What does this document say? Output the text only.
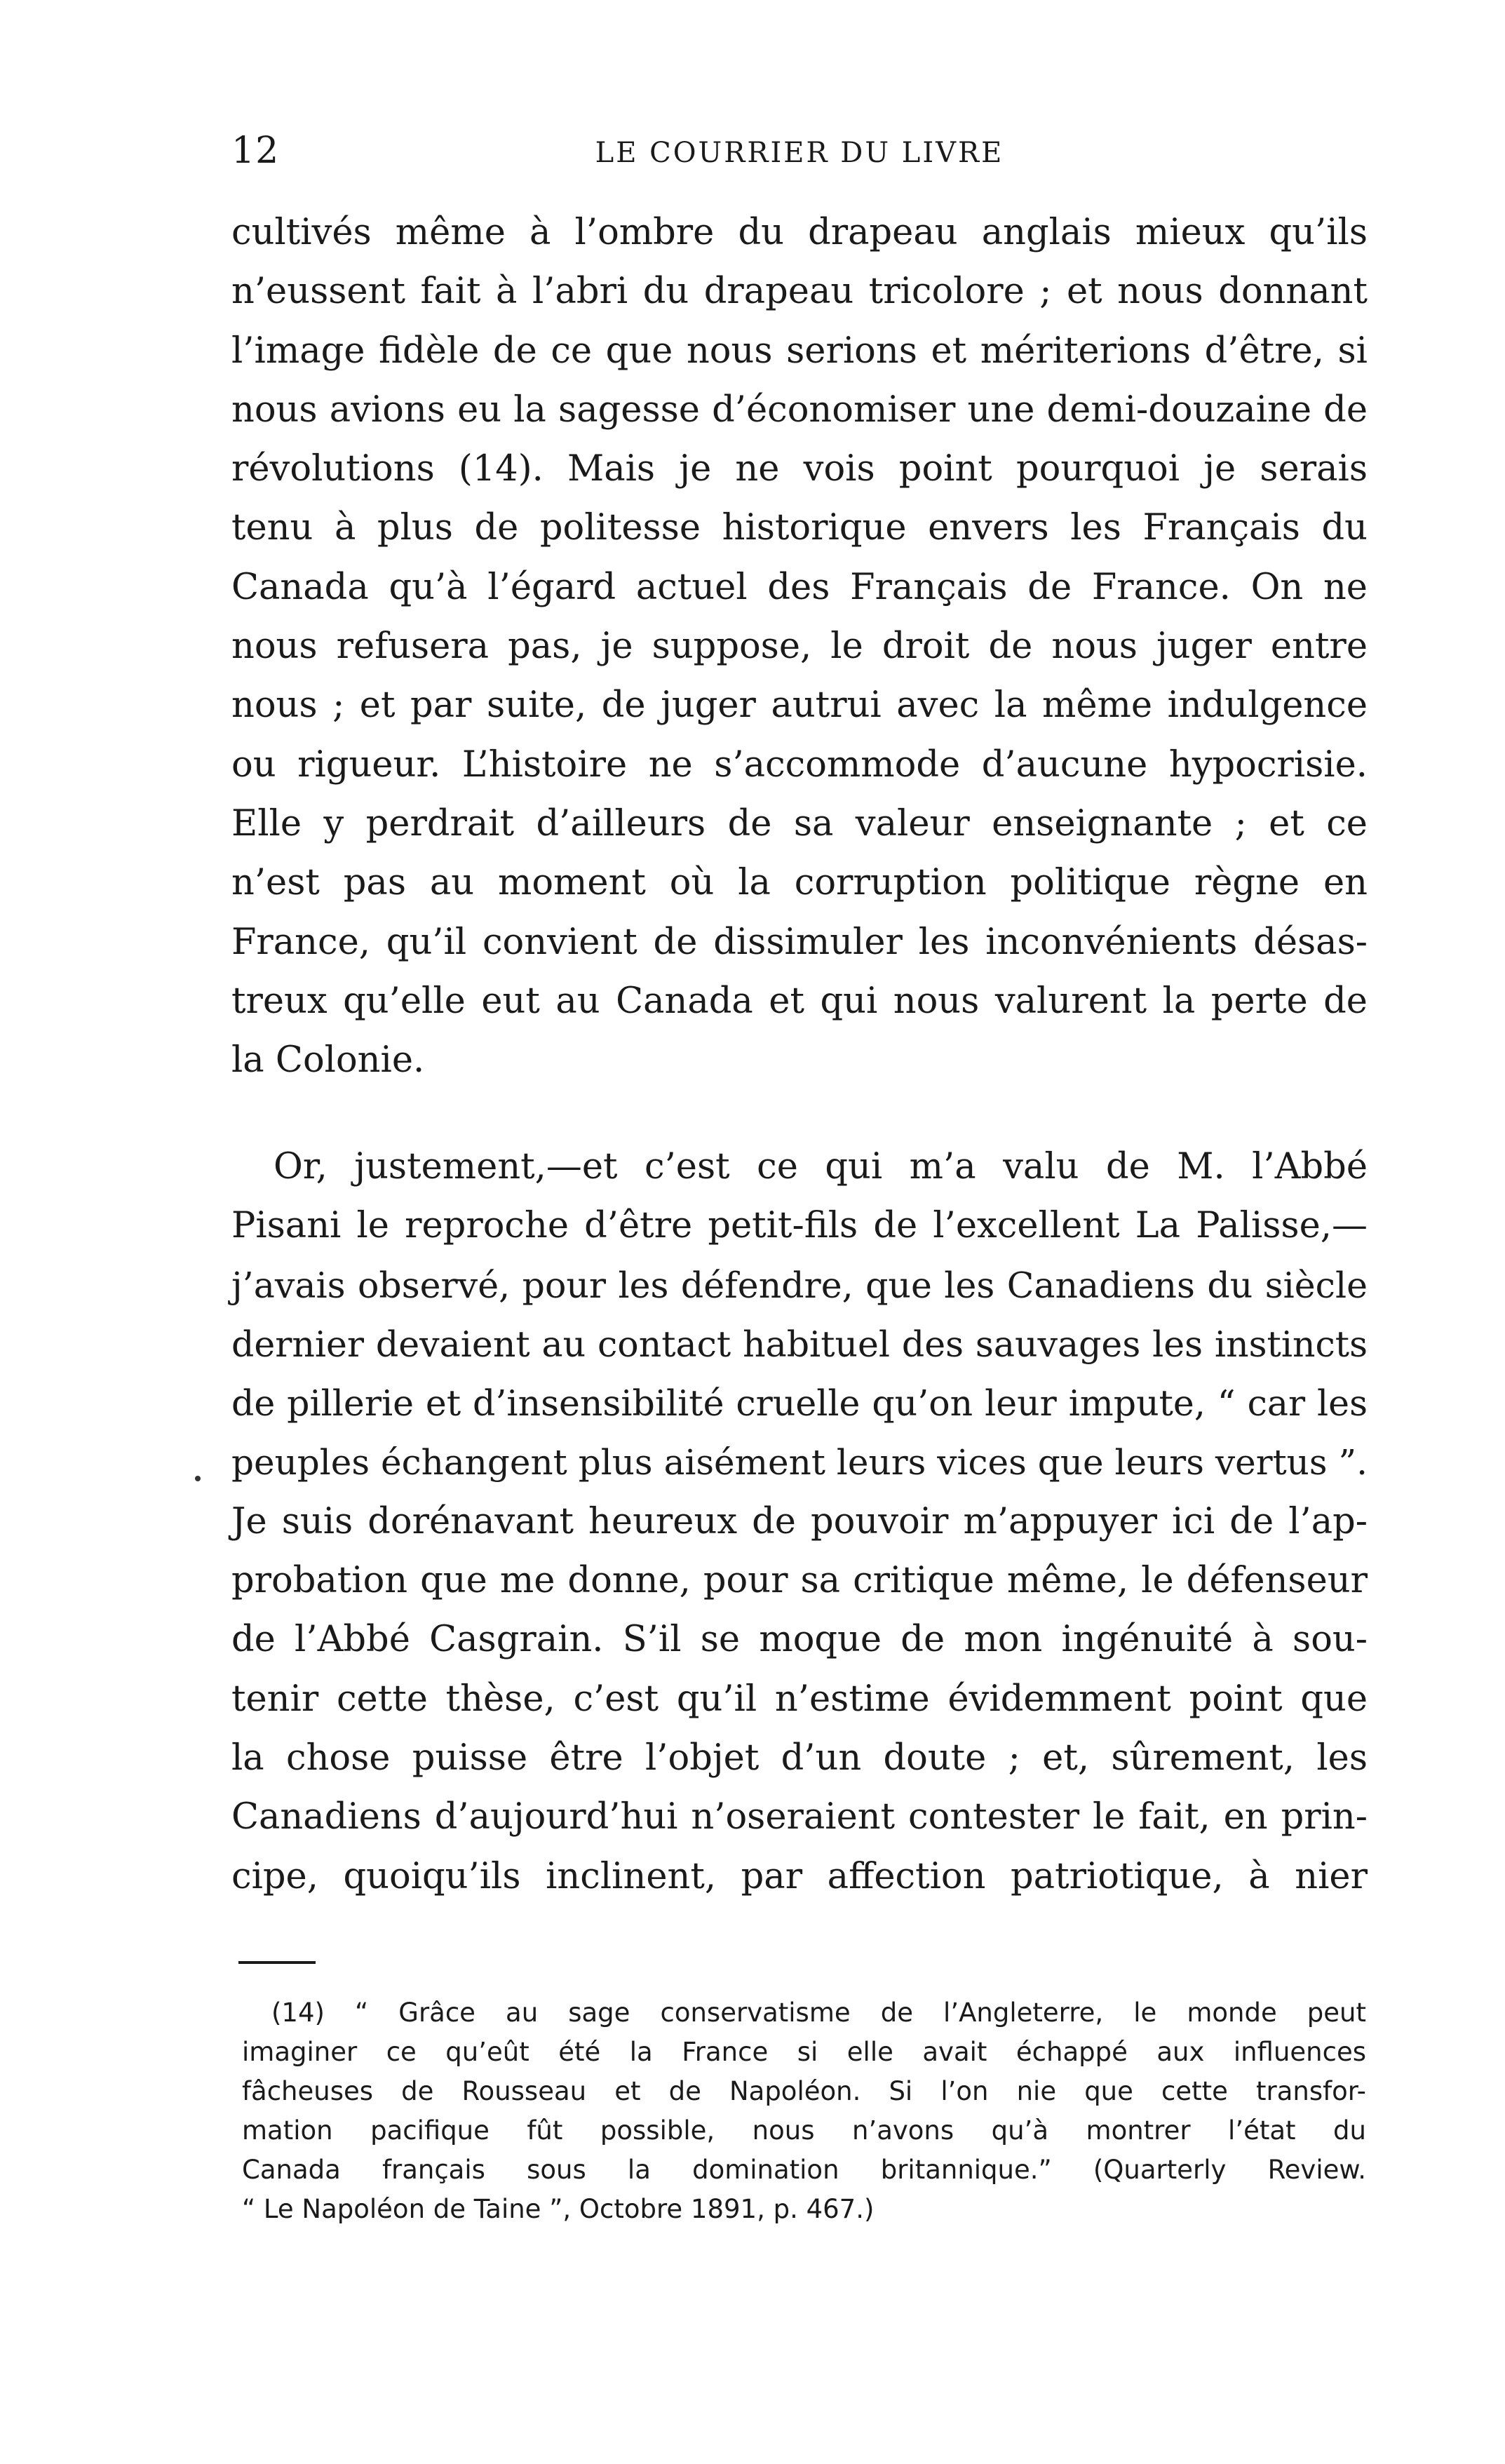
12	LE COURRIER DU LIVRE
cultivés même à l’ombre du drapeau anglais mieux qu’ils
n’eussent fait à l’abri du drapeau tricolore ; et nous donnant
l’image fidèle de ce que nous serions et mériterions d’être, si
nous avions eu la sagesse d’économiser une demi-douzaine de
révolutions (14). Mais je ne vois point pourquoi je serais
tenu à plus de politesse historique envers les Français du
Canada qu’à l’égard actuel des Français de France. On ne
nous refusera pas, je suppose, le droit de nous juger entre
nous ; et par suite, de juger autrui avec la même indulgence
ou rigueur. L’histoire ne s’accommode d’aucune hypocrisie.
Elle y perdrait d’ailleurs de sa valeur enseignante ; et ce
n’est pas au moment où la corruption politique règne en
France, qu’il convient de dissimuler les inconvénients désas-
treux qu’elle eut au Canada et qui nous valurent la perte de
la Colonie.
Or, justement,—et c’est ce qui m’a valu de M. l’Abbé
Pisani le reproche d’être petit-fils de l’excellent La Palisse,—
j’avais observé, pour les défendre, que les Canadiens du siècle
dernier devaient au contact habituel des sauvages les instincts
de pillerie et d’insensibilité cruelle qu’on leur impute, “ car les
peuples échangent plus aisément leurs vices que leurs vertus ”.
Je suis dorénavant heureux de pouvoir m’appuyer ici de l’ap-
probation que me donne, pour sa critique même, le défenseur
de l’Abbé Casgrain. S’il se moque de mon ingénuité à sou-
tenir cette thèse, c’est qu’il n’estime évidemment point que
la chose puisse être l’objet d’un doute ; et, sûrement, les
Canadiens d’aujourd’hui n’oseraient contester le fait, en prin-
cipe, quoiqu’ils inclinent, par affection patriotique, à nier
(14) “ Grâce au sage conservatisme de l’Angleterre, le monde peut
imaginer ce qu’eût été la France si elle avait échappé aux influences
fâcheuses de Rousseau et de Napoléon. Si l’on nie que cette transfor-
mation pacifique fût possible, nous n’avons qu’à montrer l’état du
Canada français sous la domination britannique.” (Quarterly Review.
“ Le Napoléon de Taine ”, Octobre 1891, p. 467.)
